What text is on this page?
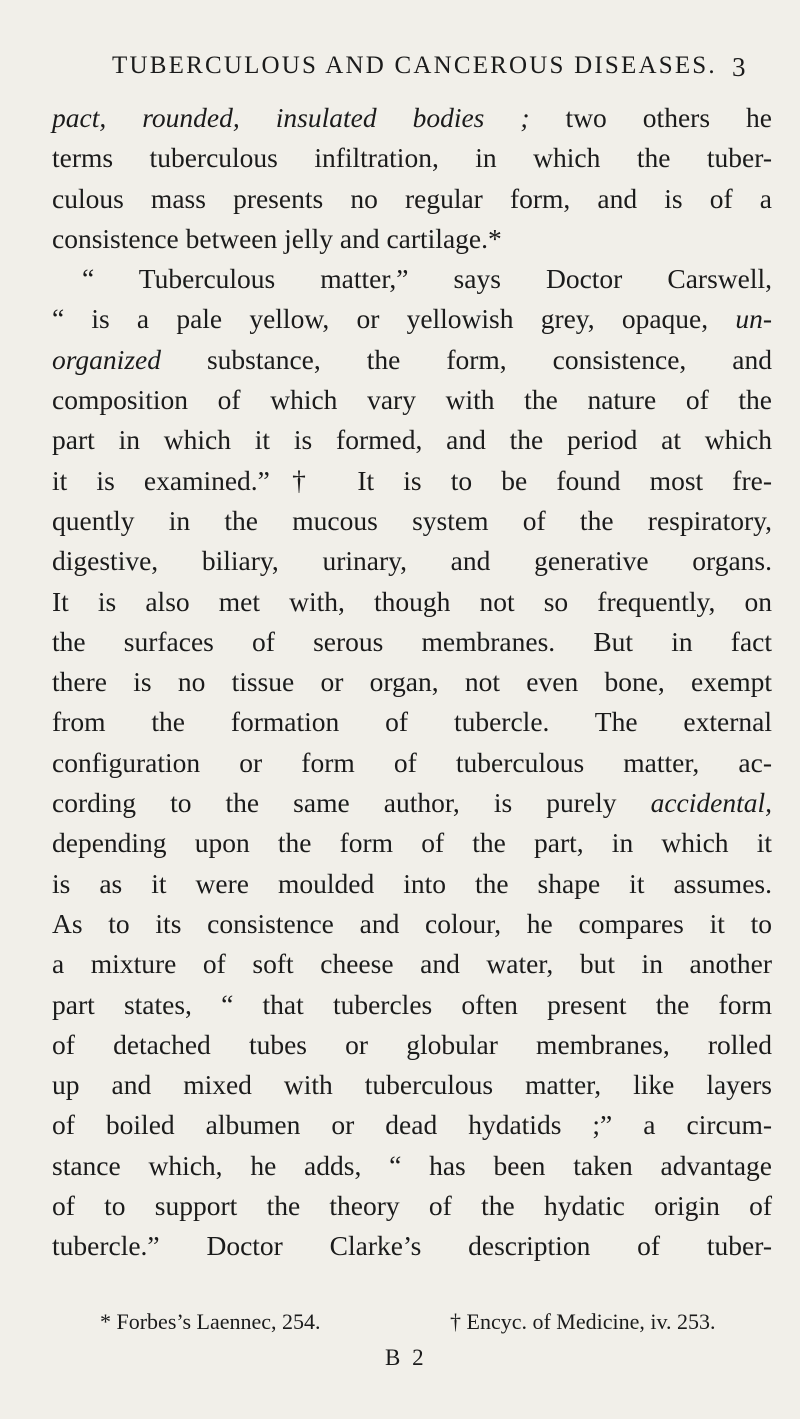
TUBERCULOUS AND CANCEROUS DISEASES. 3
pact, rounded, insulated bodies ; two others he
terms tuberculous infiltration, in which the tuber-
culous mass presents no regular form, and is of a
consistence between jelly and cartilage.*
“ Tuberculous matter,” says Doctor Carswell,
“ is a pale yellow, or yellowish grey, opaque, un-
organized substance, the form, consistence, and
composition of which vary with the nature of the
part in which it is formed, and the period at which
it is examined.”† It is to be found most fre-
quently in the mucous system of the respiratory,
digestive, biliary, urinary, and generative organs.
It is also met with, though not so frequently, on
the surfaces of serous membranes. But in fact
there is no tissue or organ, not even bone, exempt
from the formation of tubercle. The external
configuration or form of tuberculous matter, ac-
cording to the same author, is purely accidental,
depending upon the form of the part, in which it
is as it were moulded into the shape it assumes.
As to its consistence and colour, he compares it to
a mixture of soft cheese and water, but in another
part states, “ that tubercles often present the form
of detached tubes or globular membranes, rolled
up and mixed with tuberculous matter, like layers
of boiled albumen or dead hydatids ;” a circum-
stance which, he adds, “ has been taken advantage
of to support the theory of the hydatic origin of
tubercle.” Doctor Clarke’s description of tuber-
* Forbes’s Laennec, 254.	† Encyc. of Medicine, iv. 253.
B 2
